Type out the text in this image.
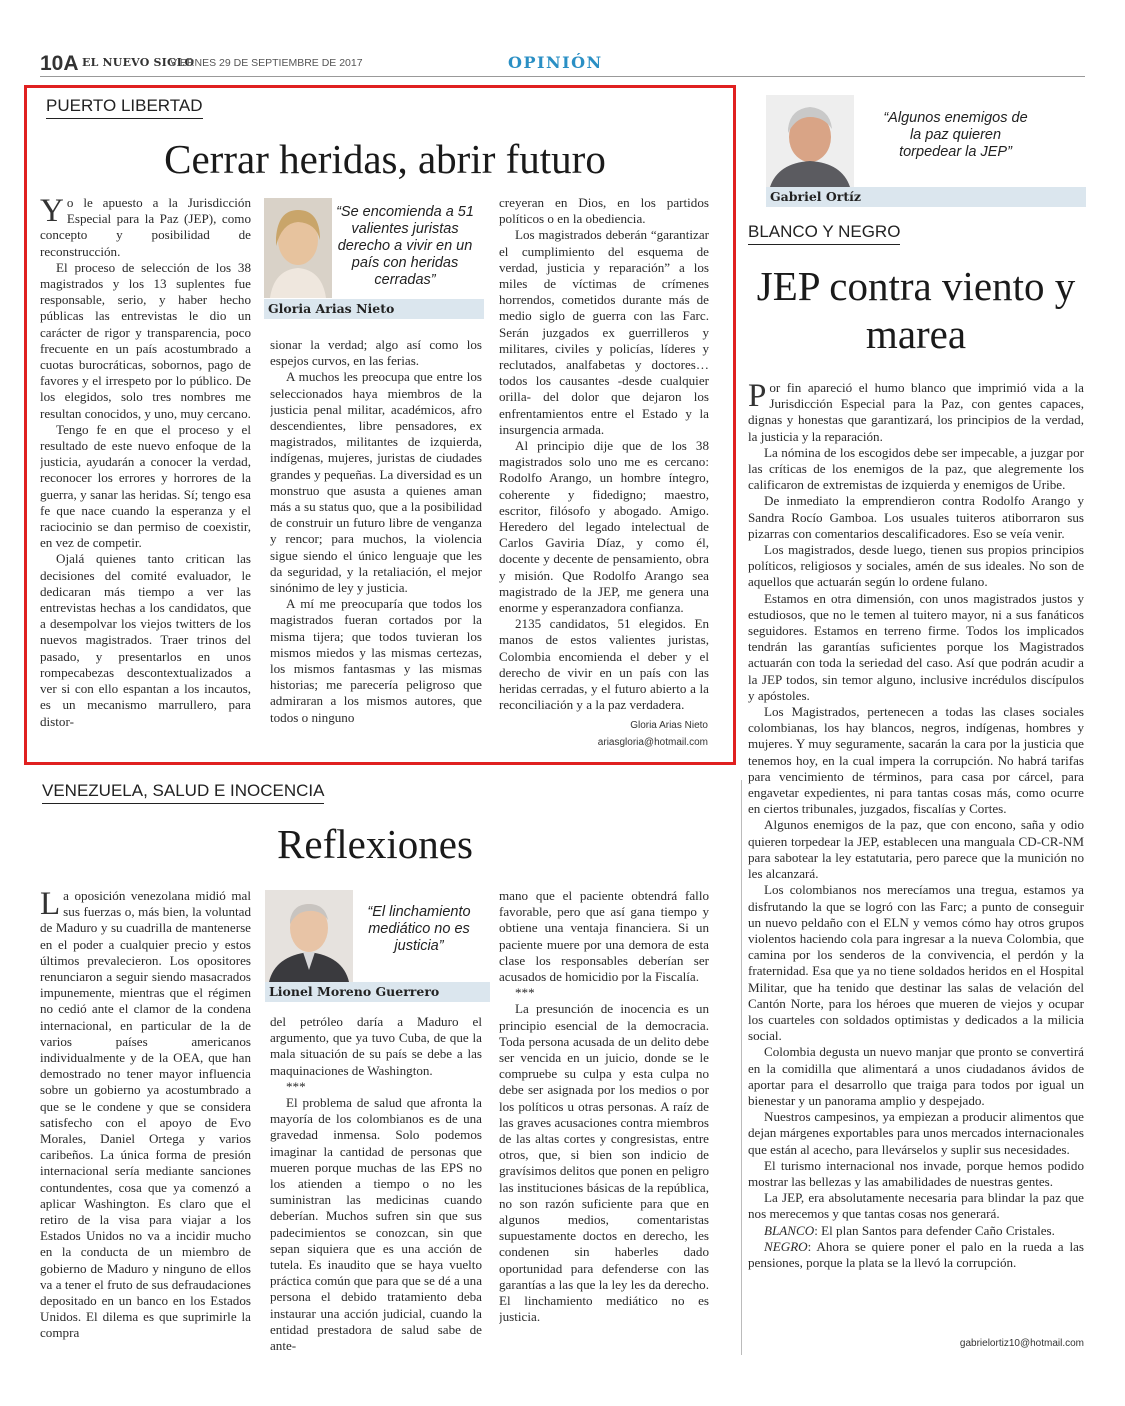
10A EL NUEVO SIGLO
VIERNES 29 DE SEPTIEMBRE DE 2017	OPINIÓN
PUERTO LIBERTAD
Cerrar heridas, abrir futuro

Yo le apuesto a la Jurisdicción Especial para la Paz (JEP), como concepto y posibilidad de reconstrucción.

El proceso de selección de los 38 magistrados y los 13 suplentes fue responsable, serio, y haber hecho públicas las entrevistas le dio un carácter de rigor y transparencia, poco frecuente en un país acostumbrado a cuotas burocráticas, sobornos, pago de favores y el irrespeto por lo público. De los elegidos, solo tres nombres me resultan conocidos, y uno, muy cercano.

Tengo fe en que el proceso y el resultado de este nuevo enfoque de la justicia, ayudarán a conocer la verdad, reconocer los errores y horrores de la guerra, y sanar las heridas. Sí; tengo esa fe que nace cuando la esperanza y el raciocinio se dan permiso de coexistir, en vez de competir.

Ojalá quienes tanto critican las decisiones del comité evaluador, le dedicaran más tiempo a ver las entrevistas hechas a los candidatos, que a desempolvar los viejos twitters de los nuevos magistrados. Traer trinos del pasado, y presentarlos en unos rompecabezas descontextualizados a ver si con ello espantan a los incautos, es un mecanismo marrullero, para distor-

“Se encomienda a 51 valientes juristas derecho a vivir en un país con heridas cerradas”
Gloria Arias Nieto

sionar la verdad; algo así como los espejos curvos, en las ferias.

A muchos les preocupa que entre los seleccionados haya miembros de la justicia penal militar, académicos, afro descendientes, libre pensadores, ex magistrados, militantes de izquierda, indígenas, mujeres, juristas de ciudades grandes y pequeñas. La diversidad es un monstruo que asusta a quienes aman más a su status quo, que a la posibilidad de construir un futuro libre de venganza y rencor; para muchos, la violencia sigue siendo el único lenguaje que les da seguridad, y la retaliación, el mejor sinónimo de ley y justicia.

A mí me preocuparía que todos los magistrados fueran cortados por la misma tijera; que todos tuvieran los mismos miedos y las mismas certezas, los mismos fantasmas y las mismas historias; me parecería peligroso que admiraran a los mismos autores, que todos o ninguno

creyeran en Dios, en los partidos políticos o en la obediencia.

Los magistrados deberán “garantizar el cumplimiento del esquema de verdad, justicia y reparación” a los miles de víctimas de crímenes horrendos, cometidos durante más de medio siglo de guerra con las Farc. Serán juzgados ex guerrilleros y militares, civiles y policías, líderes y reclutados, analfabetas y doctores… todos los causantes -desde cualquier orilla- del dolor que dejaron los enfrentamientos entre el Estado y la insurgencia armada.

Al principio dije que de los 38 magistrados solo uno me es cercano: Rodolfo Arango, un hombre íntegro, coherente y fidedigno; maestro, escritor, filósofo y abogado. Amigo. Heredero del legado intelectual de Carlos Gaviria Díaz, y como él, docente y decente de pensamiento, obra y misión. Que Rodolfo Arango sea magistrado de la JEP, me genera una enorme y esperanzadora confianza.

2135 candidatos, 51 elegidos. En manos de estos valientes juristas, Colombia encomienda el deber y el derecho de vivir en un país con las heridas cerradas, y el futuro abierto a la reconciliación y a la paz verdadera.

Gloria Arias Nieto
ariasgloria@hotmail.com
VENEZUELA, SALUD E INOCENCIA
Reflexiones

La oposición venezolana midió mal sus fuerzas o, más bien, la voluntad de Maduro y su cuadrilla de mantenerse en el poder a cualquier precio y estos últimos prevalecieron. Los opositores renunciaron a seguir siendo masacrados impunemente, mientras que el régimen no cedió ante el clamor de la condena internacional, en particular de la de varios países americanos individualmente y de la OEA, que han demostrado no tener mayor influencia sobre un gobierno ya acostumbrado a que se le condene y que se considera satisfecho con el apoyo de Evo Morales, Daniel Ortega y varios caribeños. La única forma de presión internacional sería mediante sanciones contundentes, cosa que ya comenzó a aplicar Washington. Es claro que el retiro de la visa para viajar a los Estados Unidos no va a incidir mucho en la conducta de un miembro de gobierno de Maduro y ninguno de ellos va a tener el fruto de sus defraudaciones depositado en un banco en los Estados Unidos. El dilema es que suprimirle la compra

“El linchamiento mediático no es justicia”
Lionel Moreno Guerrero

del petróleo daría a Maduro el argumento, que ya tuvo Cuba, de que la mala situación de su país se debe a las maquinaciones de Washington.

***

El problema de salud que afronta la mayoría de los colombianos es de una gravedad inmensa. Solo podemos imaginar la cantidad de personas que mueren porque muchas de las EPS no los atienden a tiempo o no les suministran las medicinas cuando deberían. Muchos sufren sin que sus padecimientos se conozcan, sin que sepan siquiera que es una acción de tutela. Es inaudito que se haya vuelto práctica común que para que se dé a una persona el debido tratamiento deba instaurar una acción judicial, cuando la entidad prestadora de salud sabe de ante-

mano que el paciente obtendrá fallo favorable, pero que así gana tiempo y obtiene una ventaja financiera. Si un paciente muere por una demora de esta clase los responsables deberían ser acusados de homicidio por la Fiscalía.

***

La presunción de inocencia es un principio esencial de la democracia. Toda persona acusada de un delito debe ser vencida en un juicio, donde se le compruebe su culpa y esta culpa no debe ser asignada por los medios o por los políticos u otras personas. A raíz de las graves acusaciones contra miembros de las altas cortes y congresistas, entre otros, que, si bien son indicio de gravísimos delitos que ponen en peligro las instituciones básicas de la república, no son razón suficiente para que en algunos medios, comentaristas supuestamente doctos en derecho, les condenen sin haberles dado oportunidad para defenderse con las garantías a las que la ley les da derecho. El linchamiento mediático no es justicia.

“Algunos enemigos de la paz quieren torpedear la JEP”
Gabriel Ortíz
BLANCO Y NEGRO
JEP contra viento y marea

Por fin apareció el humo blanco que imprimió vida a la Jurisdicción Especial para la Paz, con gentes capaces, dignas y honestas que garantizará, los principios de la verdad, la justicia y la reparación.

La nómina de los escogidos debe ser impecable, a juzgar por las críticas de los enemigos de la paz, que alegremente los calificaron de extremistas de izquierda y enemigos de Uribe.

De inmediato la emprendieron contra Rodolfo Arango y Sandra Rocío Gamboa. Los usuales tuiteros atiborraron sus pizarras con comentarios descalificadores. Eso se veía venir.

Los magistrados, desde luego, tienen sus propios principios políticos, religiosos y sociales, amén de sus ideales. No son de aquellos que actuarán según lo ordene fulano.

Estamos en otra dimensión, con unos magistrados justos y estudiosos, que no le temen al tuitero mayor, ni a sus fanáticos seguidores. Estamos en terreno firme. Todos los implicados tendrán las garantías suficientes porque los Magistrados actuarán con toda la seriedad del caso. Así que podrán acudir a la JEP todos, sin temor alguno, inclusive incrédulos discípulos y apóstoles.

Los Magistrados, pertenecen a todas las clases sociales colombianas, los hay blancos, negros, indígenas, hombres y mujeres. Y muy seguramente, sacarán la cara por la justicia que tenemos hoy, en la cual impera la corrupción. No habrá tarifas para vencimiento de términos, para casa por cárcel, para engavetar expedientes, ni para tantas cosas más, como ocurre en ciertos tribunales, juzgados, fiscalías y Cortes.

Algunos enemigos de la paz, que con encono, saña y odio quieren torpedear la JEP, establecen una manguala CD-CR-NM para sabotear la ley estatutaria, pero parece que la munición no les alcanzará.

Los colombianos nos merecíamos una tregua, estamos ya disfrutando la que se logró con las Farc; a punto de conseguir un nuevo peldaño con el ELN y vemos cómo hay otros grupos violentos haciendo cola para ingresar a la nueva Colombia, que camina por los senderos de la convivencia, el perdón y la fraternidad. Esa que ya no tiene soldados heridos en el Hospital Militar, que ha tenido que destinar las salas de velación del Cantón Norte, para los héroes que mueren de viejos y ocupar los cuarteles con soldados optimistas y dedicados a la milicia social.

Colombia degusta un nuevo manjar que pronto se convertirá en la comidilla que alimentará a unos ciudadanos ávidos de aportar para el desarrollo que traiga para todos por igual un bienestar y un panorama amplio y despejado.

Nuestros campesinos, ya empiezan a producir alimentos que dejan márgenes exportables para unos mercados internacionales que están al acecho, para llevárselos y suplir sus necesidades.

El turismo internacional nos invade, porque hemos podido mostrar las bellezas y las amabilidades de nuestras gentes.

La JEP, era absolutamente necesaria para blindar la paz que nos merecemos y que tantas cosas nos generará.

BLANCO: El plan Santos para defender Caño Cristales.

NEGRO: Ahora se quiere poner el palo en la rueda a las pensiones, porque la plata se la llevó la corrupción.

gabrielortiz10@hotmail.com
